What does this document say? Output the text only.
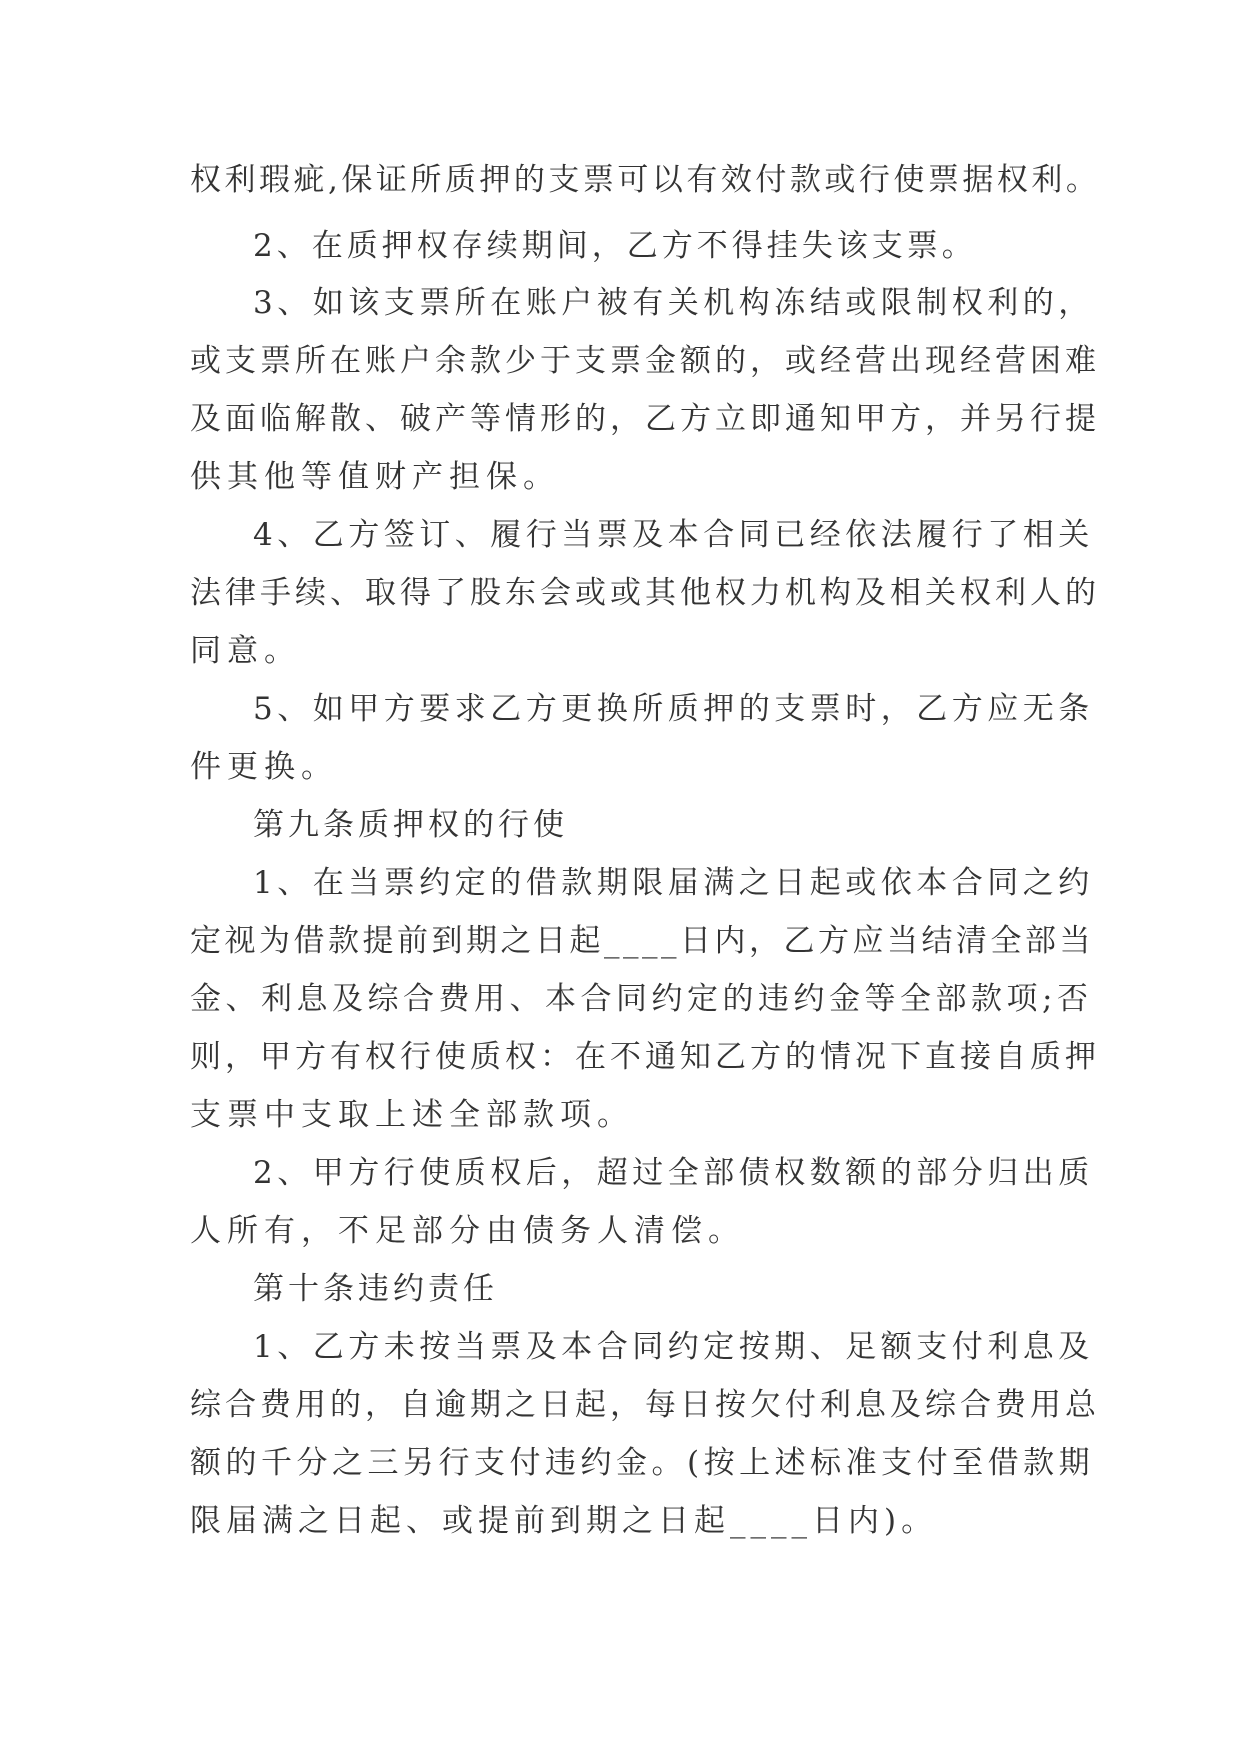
权利瑕疵,保证所质押的支票可以有效付款或行使票据权利。
2、在质押权存续期间，乙方不得挂失该支票。
3、如该支票所在账户被有关机构冻结或限制权利的，
或支票所在账户余款少于支票金额的，或经营出现经营困难
及面临解散、破产等情形的，乙方立即通知甲方，并另行提
供其他等值财产担保。
4、乙方签订、履行当票及本合同已经依法履行了相关
法律手续、取得了股东会或或其他权力机构及相关权利人的
同意。
5、如甲方要求乙方更换所质押的支票时，乙方应无条
件更换。
第九条质押权的行使
1、在当票约定的借款期限届满之日起或依本合同之约
定视为借款提前到期之日起____日内，乙方应当结清全部当
金、利息及综合费用、本合同约定的违约金等全部款项;否
则，甲方有权行使质权：在不通知乙方的情况下直接自质押
支票中支取上述全部款项。
2、甲方行使质权后，超过全部债权数额的部分归出质
人所有，不足部分由债务人清偿。
第十条违约责任
1、乙方未按当票及本合同约定按期、足额支付利息及
综合费用的，自逾期之日起，每日按欠付利息及综合费用总
额的千分之三另行支付违约金。(按上述标准支付至借款期
限届满之日起、或提前到期之日起____日内)。
